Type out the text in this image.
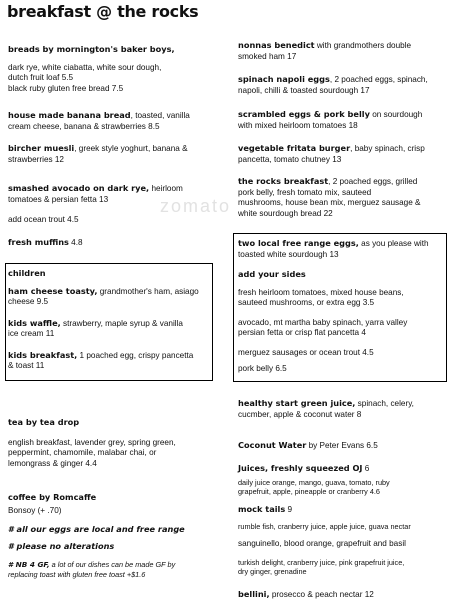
breakfast @ the rocks
zomato
breads by mornington's baker boys,
dark rye, white ciabatta, white sour dough,
dutch fruit loaf 5.5
black ruby gluten free bread 7.5
house made banana bread, toasted, vanilla
cream cheese, banana & strawberries 8.5
bircher muesli, greek style yoghurt, banana &
strawberries 12
smashed avocado on dark rye, heirloom
tomatoes & persian fetta 13
add ocean trout 4.5
fresh muffins 4.8
children
ham cheese toasty, grandmother's ham, asiago
cheese 9.5
kids waffle, strawberry, maple syrup & vanilla
ice cream 11
kids breakfast, 1 poached egg, crispy pancetta
& toast 11
tea by tea drop
english breakfast, lavender grey, spring green,
peppermint, chamomile, malabar chai, or
lemongrass & ginger 4.4
coffee by Romcaffe
Bonsoy (+ .70)
# all our eggs are local and free range
# please no alterations
# NB 4 GF, a lot of our dishes can be made GF by
replacing toast with gluten free toast +$1.6
nonnas benedict with grandmothers double
smoked ham 17
spinach napoli eggs, 2 poached eggs, spinach,
napoli, chilli & toasted sourdough 17
scrambled eggs & pork belly on sourdough
with mixed heirloom tomatoes 18
vegetable fritata burger, baby spinach, crisp
pancetta, tomato chutney 13
the rocks breakfast, 2 poached eggs, grilled
pork belly, fresh tomato mix, sauteed
mushrooms, house bean mix, merguez sausage &
white sourdough bread 22
two local free range eggs, as you please with
toasted white sourdough 13
add your sides
fresh heirloom tomatoes, mixed house beans,
sauteed mushrooms, or extra egg 3.5
avocado, mt martha baby spinach, yarra valley
persian fetta or crisp flat pancetta 4
merguez sausages or ocean trout 4.5
pork belly 6.5
healthy start green juice, spinach, celery,
cucmber, apple & coconut water 8
Coconut Water by Peter Evans 6.5
Juices, freshly squeezed OJ 6
daily juice orange, mango, guava, tomato, ruby
grapefruit, apple, pineapple or cranberry 4.6
mock tails 9
rumble fish, cranberry juice, apple juice, guava nectar
sanguinello, blood orange, grapefruit and basil
turkish delight, cranberry juice, pink grapefruit juice,
dry ginger, grenadine
bellini, prosecco & peach nectar 12
